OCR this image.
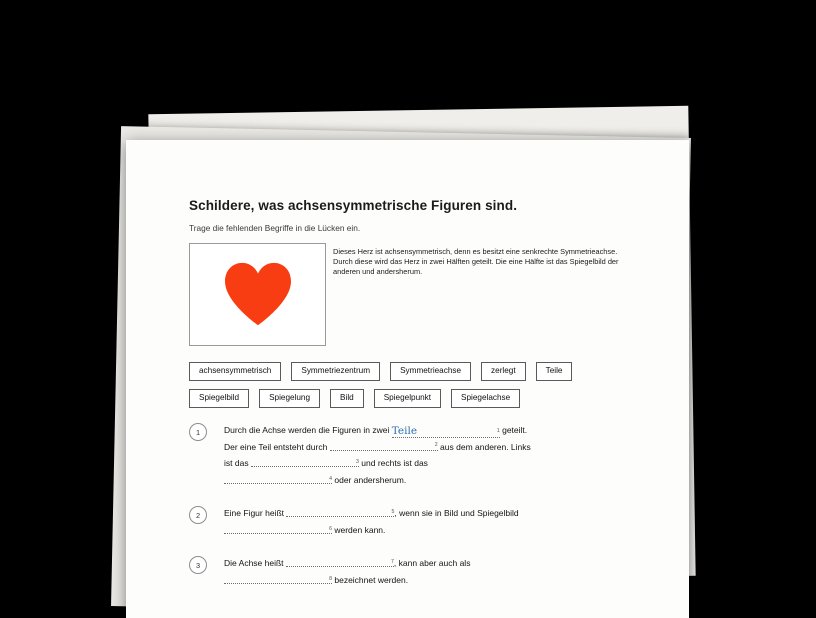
Schildere, was achsensymmetrische Figuren sind.
Trage die fehlenden Begriffe in die Lücken ein.
Dieses Herz ist achsensymmetrisch, denn es besitzt eine senkrechte Symmetrieachse.
Durch diese wird das Herz in zwei Hälften geteilt. Die eine Hälfte ist das Spiegelbild der anderen und andersherum.
achsensymmetrisch	Symmetriezentrum	Symmetrieachse	zerlegt	Teile
Spiegelbild	Spiegelung	Bild	Spiegelpunkt	Spiegelachse
1	Durch die Achse werden die Figuren in zwei Teile	1 geteilt.
Der eine Teil entsteht durch	2 aus dem anderen. Links
ist das	3 und rechts ist das

4 oder andersherum.
2	Eine Figur heißt	5 , wenn sie in Bild und Spiegelbild

6 werden kann.
3	Die Achse heißt	7 , kann aber auch als

8 bezeichnet werden.
